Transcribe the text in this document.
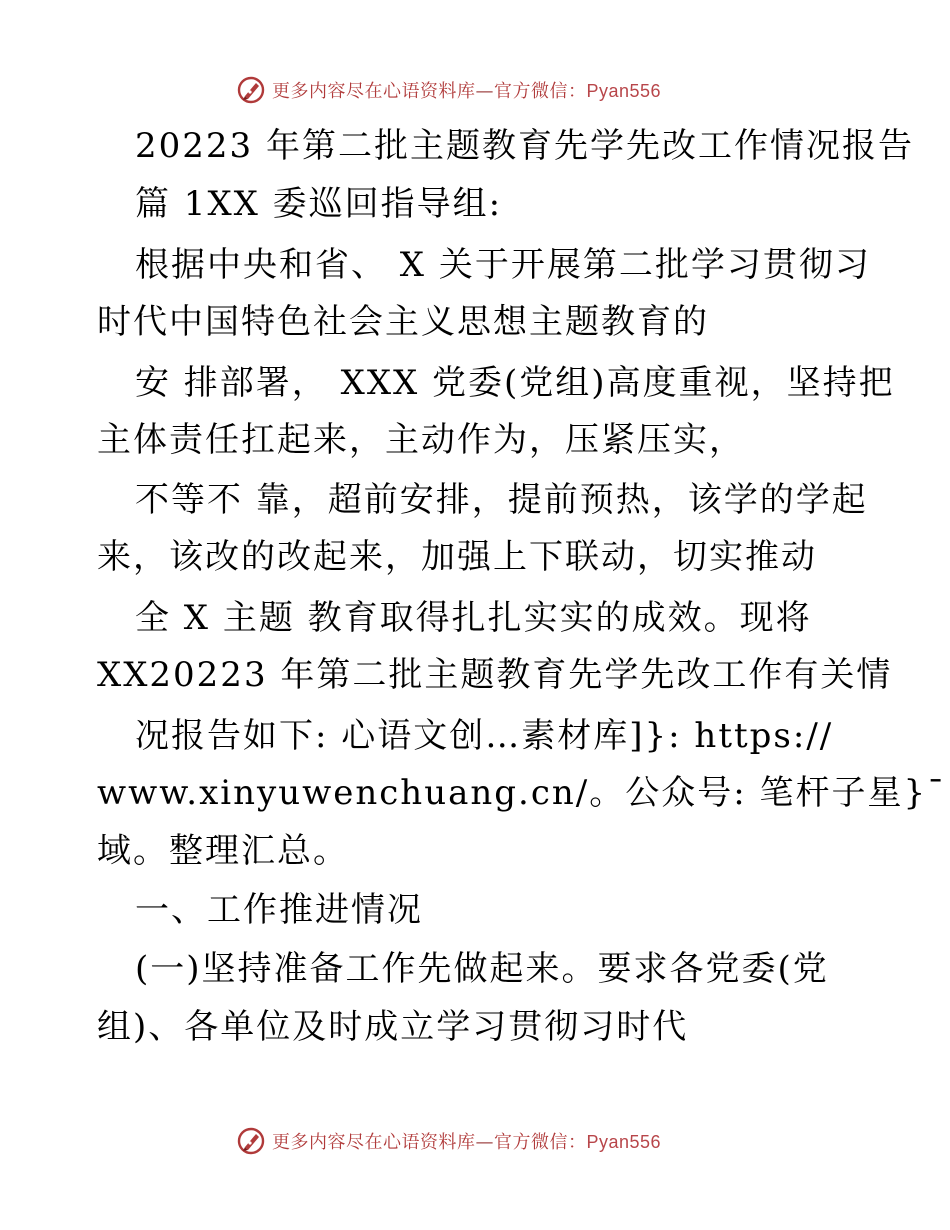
更多内容尽在心语资料库—官方微信：Pyan556
20223 年第二批主题教育先学先改工作情况报告
篇 1XX 委巡回指导组:
根据中央和省、 X 关于开展第二批学习贯彻习
时代中国特色社会主义思想主题教育的
安 排部署， XXX 党委(党组)高度重视，坚持把
主体责任扛起来，主动作为，压紧压实，
不等不 靠，超前安排，提前预热，该学的学起
来，该改的改起来，加强上下联动，切实推动
全 X 主题 教育取得扎扎实实的成效。现将
XX20223 年第二批主题教育先学先改工作有关情
况报告如下: 心语文创…素材库]}: https://
www.xinyuwenchuang.cn/。公众号: 笔杆子星}¯
域。整理汇总。
一、工作推进情况
(一)坚持准备工作先做起来。要求各党委(党
组)、各单位及时成立学习贯彻习时代
更多内容尽在心语资料库—官方微信：Pyan556
